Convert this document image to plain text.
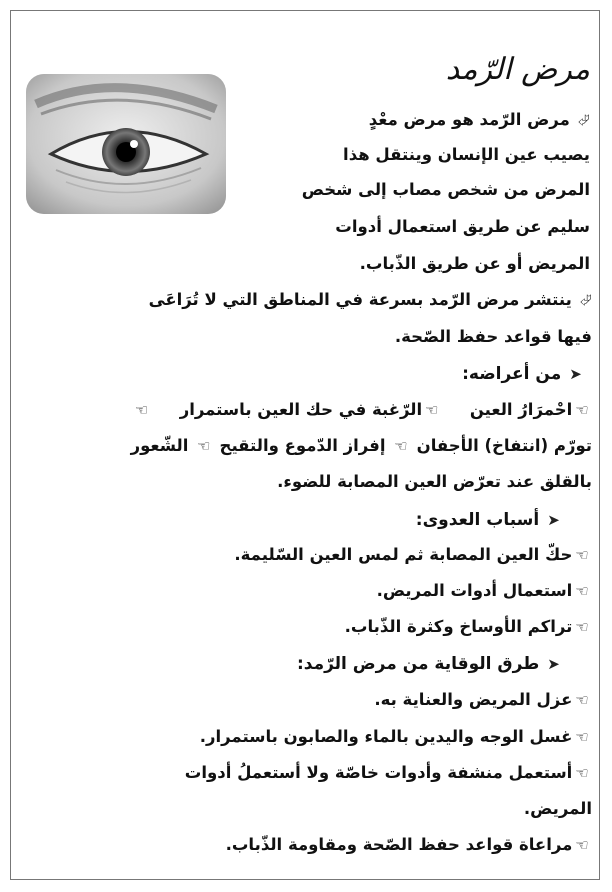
مرض الرّمد
⮰مرض الرّمد هو مرض معْدٍ
يصيب عين الإنسان وينتقل هذا
المرض من شخص مصاب إلى شخص
سليم عن طريق استعمال أدوات
المريض أو عن طريق الذّباب.
⮰ينتشر مرض الرّمد بسرعة في المناطق التي لا تُرَاعَى
فيها قواعد حفظ الصّحة.
➤من أعراضه:
☜احْمرَارُ العين☜الرّغبة في حك العين باستمرار☜
تورّم (انتفاخ) الأجفان ☜ إفراز الدّموع والتقيح ☜ الشّعور
بالقلق عند تعرّض العين المصابة للضوء.
➤أسباب العدوى:
☜حكّ العين المصابة ثم لمس العين السّليمة.
☜استعمال أدوات المريض.
☜تراكم الأوساخ وكثرة الذّباب.
➤طرق الوقاية من مرض الرّمد:
☜عزل المريض والعناية به.
☜غسل الوجه واليدين بالماء والصابون باستمرار.
☜أستعمل منشفة وأدوات خاصّة ولا أستعملُ أدوات
المريض.
☜مراعاة قواعد حفظ الصّحة ومقاومة الذّباب.
